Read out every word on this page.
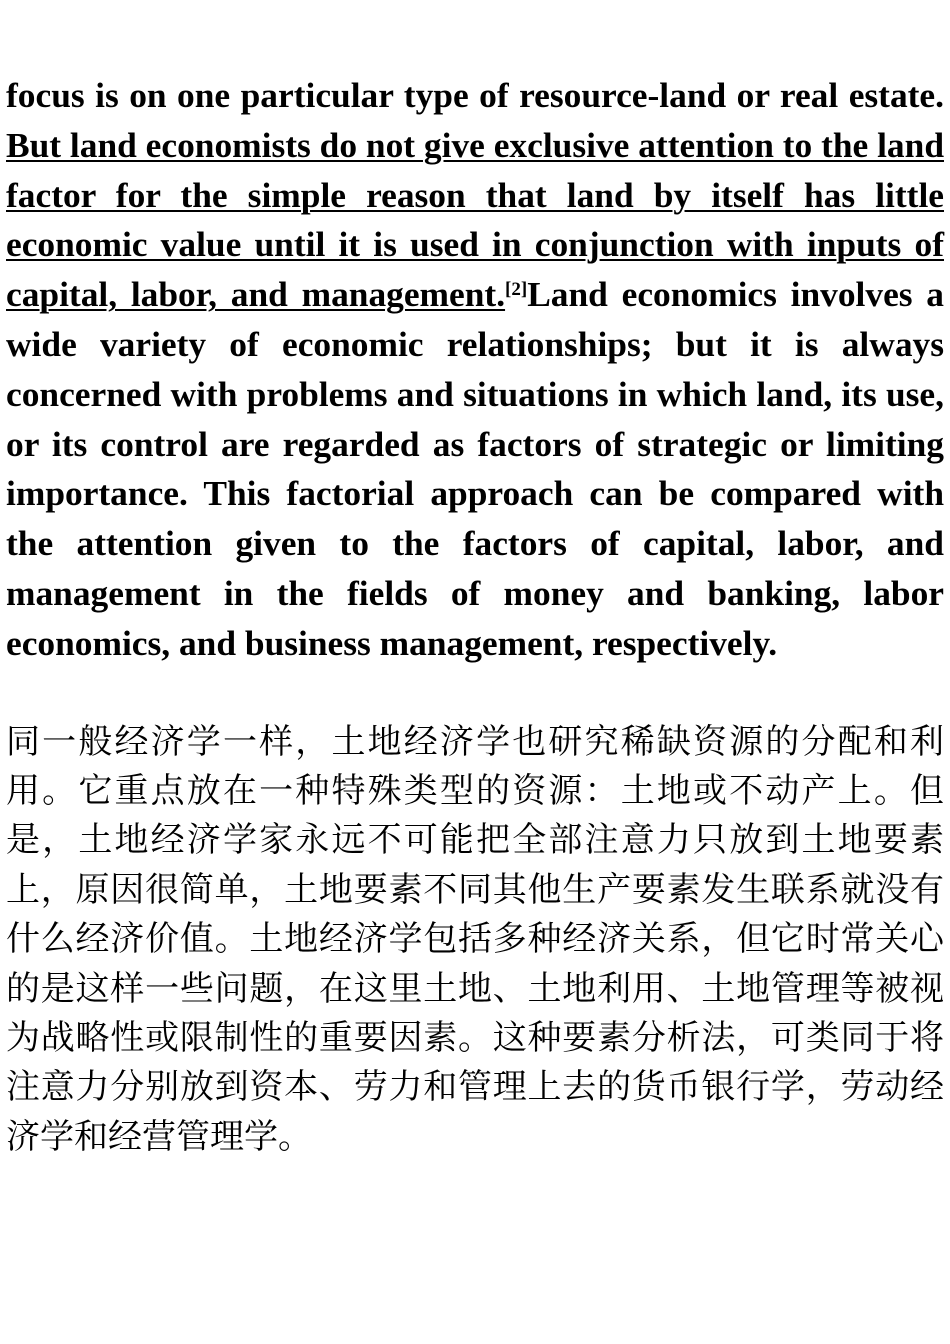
focus is on one particular type of resource-land or real estate. But land economists do not give exclusive attention to the land factor for the simple reason that land by itself has little economic value until it is used in conjunction with inputs of capital, labor, and management.[2]Land economics involves a wide variety of economic relationships; but it is always concerned with problems and situations in which land, its use, or its control are regarded as factors of strategic or limiting importance. This factorial approach can be compared with the attention given to the factors of capital, labor, and management in the fields of money and banking, labor economics, and business management, respectively.

同一般经济学一样，土地经济学也研究稀缺资源的分配和利用。它重点放在一种特殊类型的资源：土地或不动产上。但是，土地经济学家永远不可能把全部注意力只放到土地要素上，原因很简单，土地要素不同其他生产要素发生联系就没有什么经济价值。土地经济学包括多种经济关系，但它时常关心的是这样一些问题，在这里土地、土地利用、土地管理等被视为战略性或限制性的重要因素。这种要素分析法，可类同于将注意力分别放到资本、劳力和管理上去的货币银行学，劳动经济学和经营管理学。
